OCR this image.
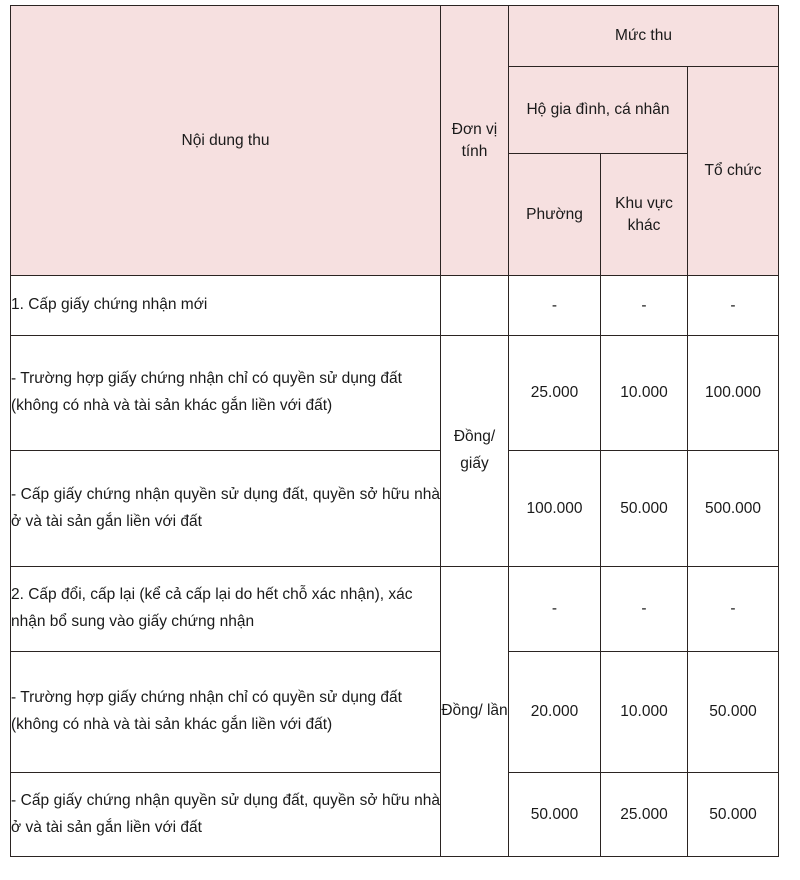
Nội dung thu	Đơn vị tính	Mức thu		
		Hộ gia đình, cá nhân		Tổ chức
		Phường	Khu vực khác	
1. Cấp giấy chứng nhận mới		-	-	-
- Trường hợp giấy chứng nhận chỉ có quyền sử dụng đất (không có nhà và tài sản khác gắn liền với đất)	Đồng/ giấy	25.000	10.000	100.000
- Cấp giấy chứng nhận quyền sử dụng đất, quyền sở hữu nhà ở và tài sản gắn liền với đất		100.000	50.000	500.000
2. Cấp đổi, cấp lại (kể cả cấp lại do hết chỗ xác nhận), xác nhận bổ sung vào giấy chứng nhận	Đồng/ lần	-	-	-
- Trường hợp giấy chứng nhận chỉ có quyền sử dụng đất (không có nhà và tài sản khác gắn liền với đất)		20.000	10.000	50.000
- Cấp giấy chứng nhận quyền sử dụng đất, quyền sở hữu nhà ở và tài sản gắn liền với đất		50.000	25.000	50.000
